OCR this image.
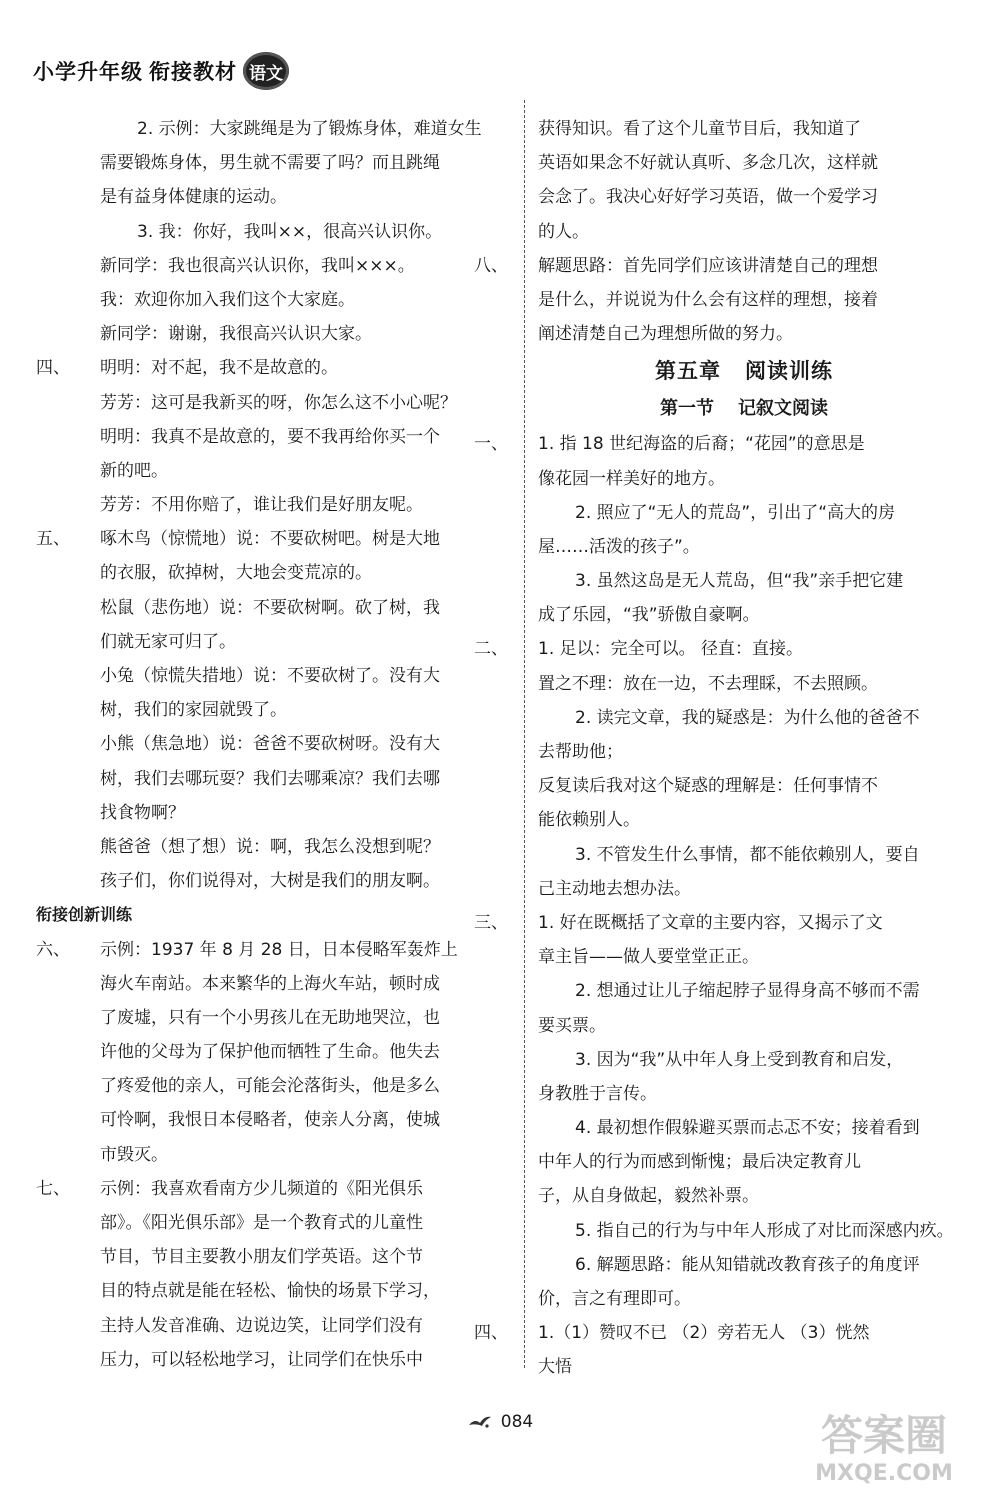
小学升年级 衔接教材 语文
2. 示例：大家跳绳是为了锻炼身体，难道女生
需要锻炼身体，男生就不需要了吗？而且跳绳
是有益身体健康的运动。
3. 我：你好，我叫××，很高兴认识你。
新同学：我也很高兴认识你，我叫×××。
我：欢迎你加入我们这个大家庭。
新同学：谢谢，我很高兴认识大家。
四、	明明：对不起，我不是故意的。
芳芳：这可是我新买的呀，你怎么这不小心呢？
明明：我真不是故意的，要不我再给你买一个
新的吧。
芳芳：不用你赔了，谁让我们是好朋友呢。
五、	啄木鸟（惊慌地）说：不要砍树吧。树是大地
的衣服，砍掉树，大地会变荒凉的。
松鼠（悲伤地）说：不要砍树啊。砍了树，我
们就无家可归了。
小兔（惊慌失措地）说：不要砍树了。没有大
树，我们的家园就毁了。
小熊（焦急地）说：爸爸不要砍树呀。没有大
树，我们去哪玩耍？我们去哪乘凉？我们去哪
找食物啊？
熊爸爸（想了想）说：啊，我怎么没想到呢？
孩子们，你们说得对，大树是我们的朋友啊。
衔接创新训练
六、	示例：1937 年 8 月 28 日，日本侵略军轰炸上
海火车南站。本来繁华的上海火车站，顿时成
了废墟，只有一个小男孩儿在无助地哭泣，也
许他的父母为了保护他而牺牲了生命。他失去
了疼爱他的亲人，可能会沦落街头，他是多么
可怜啊，我恨日本侵略者，使亲人分离，使城
市毁灭。
七、	示例：我喜欢看南方少儿频道的《阳光俱乐
部》。《阳光俱乐部》是一个教育式的儿童性
节目，节目主要教小朋友们学英语。这个节
目的特点就是能在轻松、愉快的场景下学习，
主持人发音准确、边说边笑，让同学们没有
压力，可以轻松地学习，让同学们在快乐中
获得知识。看了这个儿童节目后，我知道了
英语如果念不好就认真听、多念几次，这样就
会念了。我决心好好学习英语，做一个爱学习
的人。
八、	解题思路：首先同学们应该讲清楚自己的理想
是什么，并说说为什么会有这样的理想，接着
阐述清楚自己为理想所做的努力。
第五章 阅读训练
第一节 记叙文阅读
一、	1. 指 18 世纪海盗的后裔；“花园”的意思是
像花园一样美好的地方。
2. 照应了“无人的荒岛”，引出了“高大的房
屋……活泼的孩子”。
3. 虽然这岛是无人荒岛，但“我”亲手把它建
成了乐园，“我”骄傲自豪啊。
二、	1. 足以：完全可以。 径直：直接。
置之不理：放在一边，不去理睬，不去照顾。
2. 读完文章，我的疑惑是：为什么他的爸爸不
去帮助他；
反复读后我对这个疑惑的理解是：任何事情不
能依赖别人。
3. 不管发生什么事情，都不能依赖别人，要自
己主动地去想办法。
三、	1. 好在既概括了文章的主要内容，又揭示了文
章主旨——做人要堂堂正正。
2. 想通过让儿子缩起脖子显得身高不够而不需
要买票。
3. 因为“我”从中年人身上受到教育和启发，
身教胜于言传。
4. 最初想作假躲避买票而忐忑不安；接着看到
中年人的行为而感到惭愧；最后决定教育儿
子，从自身做起，毅然补票。
5. 指自己的行为与中年人形成了对比而深感内疚。
6. 解题思路：能从知错就改教育孩子的角度评
价，言之有理即可。
四、	1.（1）赞叹不已 （2）旁若无人 （3）恍然
大悟
084	答案圈
MXQE.COM
